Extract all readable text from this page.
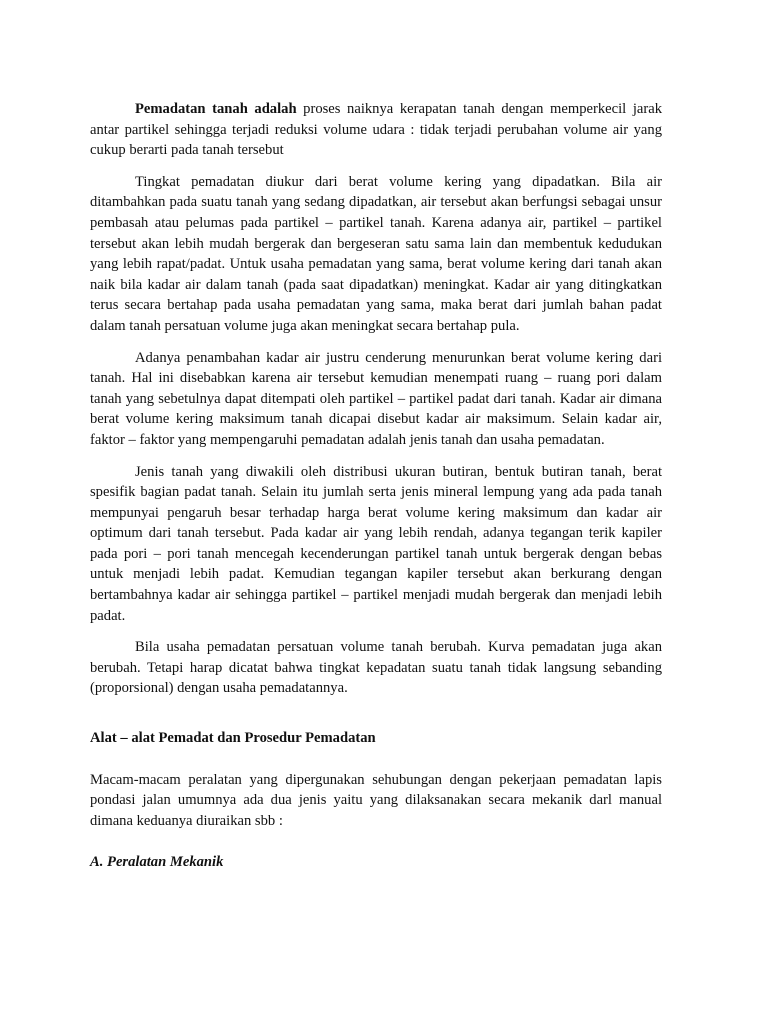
Pemadatan tanah adalah proses naiknya kerapatan tanah dengan memperkecil jarak antar partikel sehingga terjadi reduksi volume udara : tidak terjadi perubahan volume air yang cukup berarti pada tanah tersebut

Tingkat pemadatan diukur dari berat volume kering yang dipadatkan. Bila air ditambahkan pada suatu tanah yang sedang dipadatkan, air tersebut akan berfungsi sebagai unsur pembasah atau pelumas pada partikel – partikel tanah. Karena adanya air, partikel – partikel tersebut akan lebih mudah bergerak dan bergeseran satu sama lain dan membentuk kedudukan yang lebih rapat/padat. Untuk usaha pemadatan yang sama, berat volume kering dari tanah akan naik bila kadar air dalam tanah (pada saat dipadatkan) meningkat. Kadar air yang ditingkatkan terus secara bertahap pada usaha pemadatan yang sama, maka berat dari jumlah bahan padat dalam tanah persatuan volume juga akan meningkat secara bertahap pula.

Adanya penambahan kadar air justru cenderung menurunkan berat volume kering dari tanah. Hal ini disebabkan karena air tersebut kemudian menempati ruang – ruang pori dalam tanah yang sebetulnya dapat ditempati oleh partikel – partikel padat dari tanah. Kadar air dimana berat volume kering maksimum tanah dicapai disebut kadar air maksimum. Selain kadar air, faktor – faktor yang mempengaruhi pemadatan adalah jenis tanah dan usaha pemadatan.

Jenis tanah yang diwakili oleh distribusi ukuran butiran, bentuk butiran tanah, berat spesifik bagian padat tanah. Selain itu jumlah serta jenis mineral lempung yang ada pada tanah mempunyai pengaruh besar terhadap harga berat volume kering maksimum dan kadar air optimum dari tanah tersebut. Pada kadar air yang lebih rendah, adanya tegangan terik kapiler pada pori – pori tanah mencegah kecenderungan partikel tanah untuk bergerak dengan bebas untuk menjadi lebih padat. Kemudian tegangan kapiler tersebut akan berkurang dengan bertambahnya kadar air sehingga partikel – partikel menjadi mudah bergerak dan menjadi lebih padat.

Bila usaha pemadatan persatuan volume tanah berubah. Kurva pemadatan juga akan berubah. Tetapi harap dicatat bahwa tingkat kepadatan suatu tanah tidak langsung sebanding (proporsional) dengan usaha pemadatannya.

Alat – alat Pemadat dan Prosedur Pemadatan

Macam-macam peralatan yang dipergunakan sehubungan dengan pekerjaan pemadatan lapis pondasi jalan umumnya ada dua jenis yaitu yang dilaksanakan secara mekanik darl manual dimana keduanya diuraikan sbb :

A. Peralatan Mekanik
